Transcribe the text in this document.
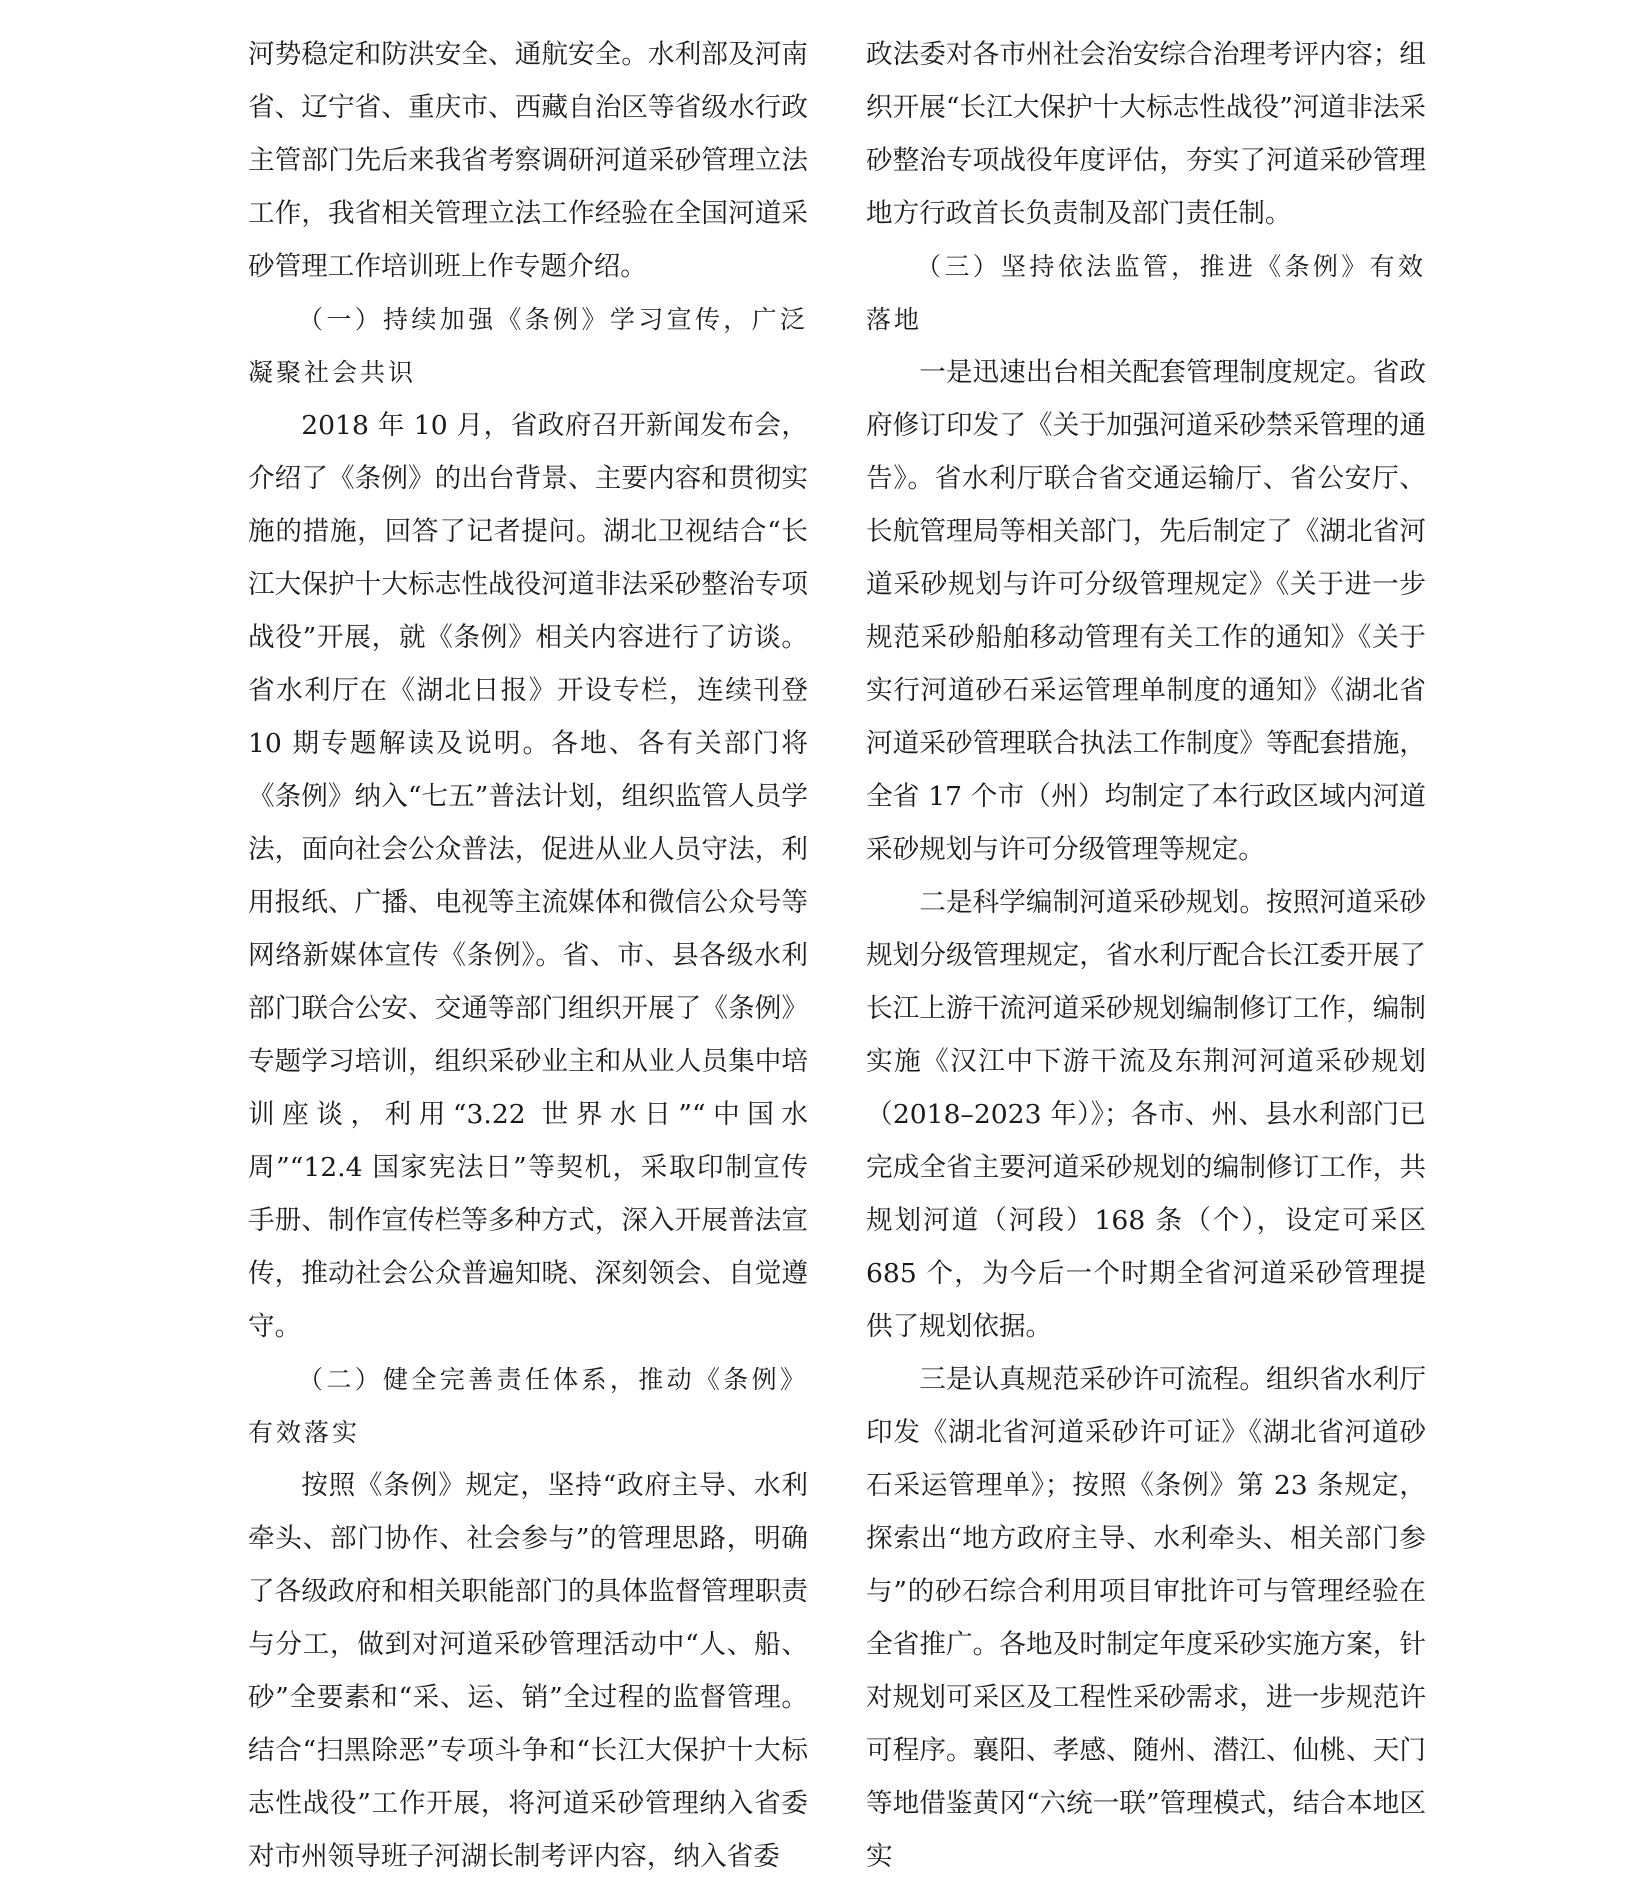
河势稳定和防洪安全、通航安全。水利部及河南省、辽宁省、重庆市、西藏自治区等省级水行政主管部门先后来我省考察调研河道采砂管理立法工作，我省相关管理立法工作经验在全国河道采砂管理工作培训班上作专题介绍。

（一）持续加强《条例》学习宣传，广泛凝聚社会共识

2018 年 10 月，省政府召开新闻发布会，介绍了《条例》的出台背景、主要内容和贯彻实施的措施，回答了记者提问。湖北卫视结合“长江大保护十大标志性战役河道非法采砂整治专项战役”开展，就《条例》相关内容进行了访谈。省水利厅在《湖北日报》开设专栏，连续刊登 10 期专题解读及说明。各地、各有关部门将《条例》纳入“七五”普法计划，组织监管人员学法，面向社会公众普法，促进从业人员守法，利用报纸、广播、电视等主流媒体和微信公众号等网络新媒体宣传《条例》。省、市、县各级水利部门联合公安、交通等部门组织开展了《条例》专题学习培训，组织采砂业主和从业人员集中培训座谈，利用“3.22 世界水日”“中国水周”“12.4 国家宪法日”等契机，采取印制宣传手册、制作宣传栏等多种方式，深入开展普法宣传，推动社会公众普遍知晓、深刻领会、自觉遵守。

（二）健全完善责任体系，推动《条例》有效落实

按照《条例》规定，坚持“政府主导、水利牵头、部门协作、社会参与”的管理思路，明确了各级政府和相关职能部门的具体监督管理职责与分工，做到对河道采砂管理活动中“人、船、砂”全要素和“采、运、销”全过程的监督管理。结合“扫黑除恶”专项斗争和“长江大保护十大标志性战役”工作开展，将河道采砂管理纳入省委对市州领导班子河湖长制考评内容，纳入省委

政法委对各市州社会治安综合治理考评内容；组织开展“长江大保护十大标志性战役”河道非法采砂整治专项战役年度评估，夯实了河道采砂管理地方行政首长负责制及部门责任制。

（三）坚持依法监管，推进《条例》有效落地

一是迅速出台相关配套管理制度规定。省政府修订印发了《关于加强河道采砂禁采管理的通告》。省水利厅联合省交通运输厅、省公安厅、长航管理局等相关部门，先后制定了《湖北省河道采砂规划与许可分级管理规定》《关于进一步规范采砂船舶移动管理有关工作的通知》《关于实行河道砂石采运管理单制度的通知》《湖北省河道采砂管理联合执法工作制度》等配套措施，全省 17 个市（州）均制定了本行政区域内河道采砂规划与许可分级管理等规定。

二是科学编制河道采砂规划。按照河道采砂规划分级管理规定，省水利厅配合长江委开展了长江上游干流河道采砂规划编制修订工作，编制实施《汉江中下游干流及东荆河河道采砂规划（2018–2023 年）》；各市、州、县水利部门已完成全省主要河道采砂规划的编制修订工作，共规划河道（河段）168 条（个），设定可采区 685 个，为今后一个时期全省河道采砂管理提供了规划依据。

三是认真规范采砂许可流程。组织省水利厅印发《湖北省河道采砂许可证》《湖北省河道砂石采运管理单》；按照《条例》第 23 条规定，探索出“地方政府主导、水利牵头、相关部门参与”的砂石综合利用项目审批许可与管理经验在全省推广。各地及时制定年度采砂实施方案，针对规划可采区及工程性采砂需求，进一步规范许可程序。襄阳、孝感、随州、潜江、仙桃、天门等地借鉴黄冈“六统一联”管理模式，结合本地区实
